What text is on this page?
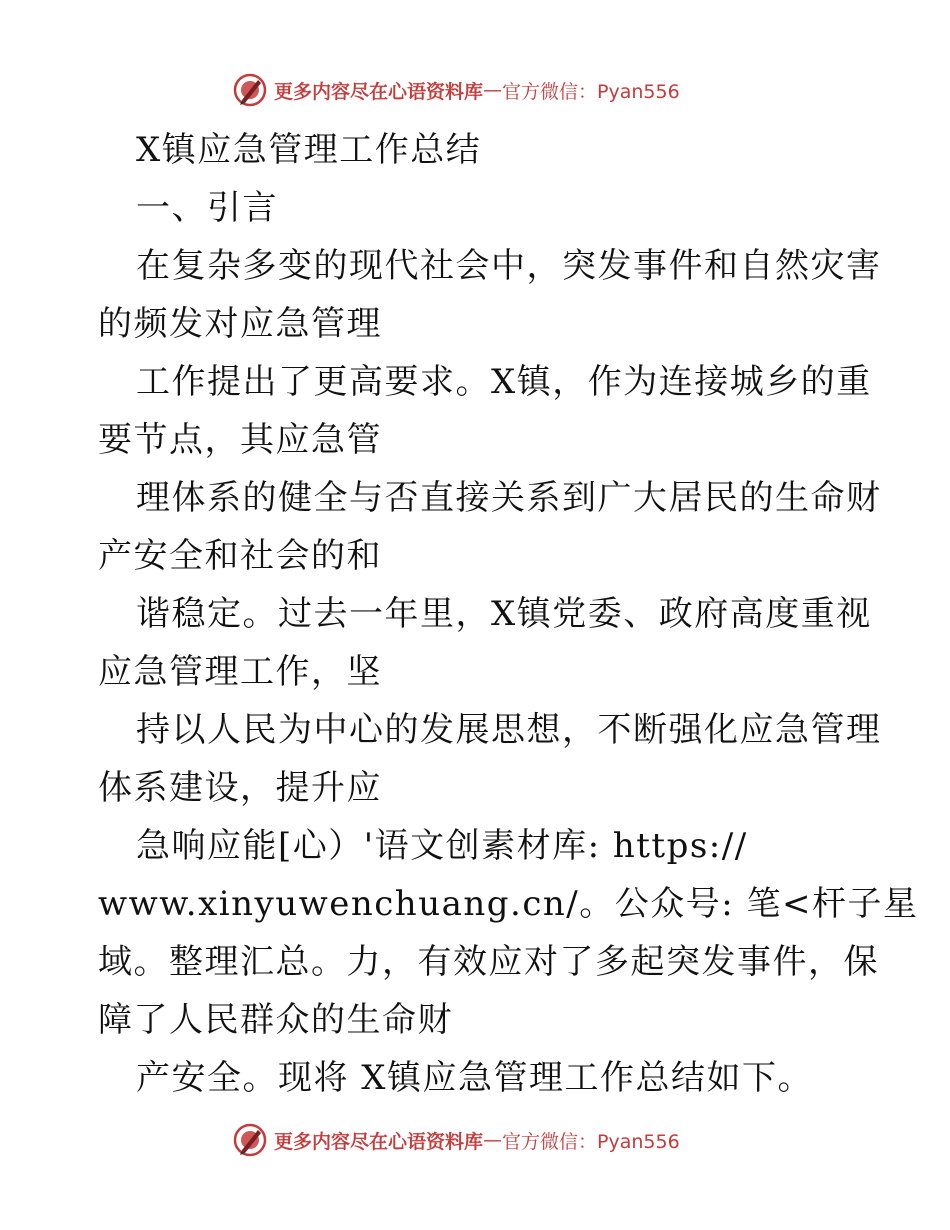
更多内容尽在心语资料库 — 官方微信：Pyan556
X镇应急管理工作总结
一、引言
在复杂多变的现代社会中，突发事件和自然灾害
的频发对应急管理
工作提出了更高要求。X镇，作为连接城乡的重
要节点，其应急管
理体系的健全与否直接关系到广大居民的生命财
产安全和社会的和
谐稳定。过去一年里，X镇党委、政府高度重视
应急管理工作，坚
持以人民为中心的发展思想，不断强化应急管理
体系建设，提升应
急响应能[心）'语文创素材库: https://
www.xinyuwenchuang.cn/。公众号: 笔<杆子星
域。整理汇总。力，有效应对了多起突发事件，保
障了人民群众的生命财
产安全。现将 X镇应急管理工作总结如下。
更多内容尽在心语资料库 — 官方微信：Pyan556
